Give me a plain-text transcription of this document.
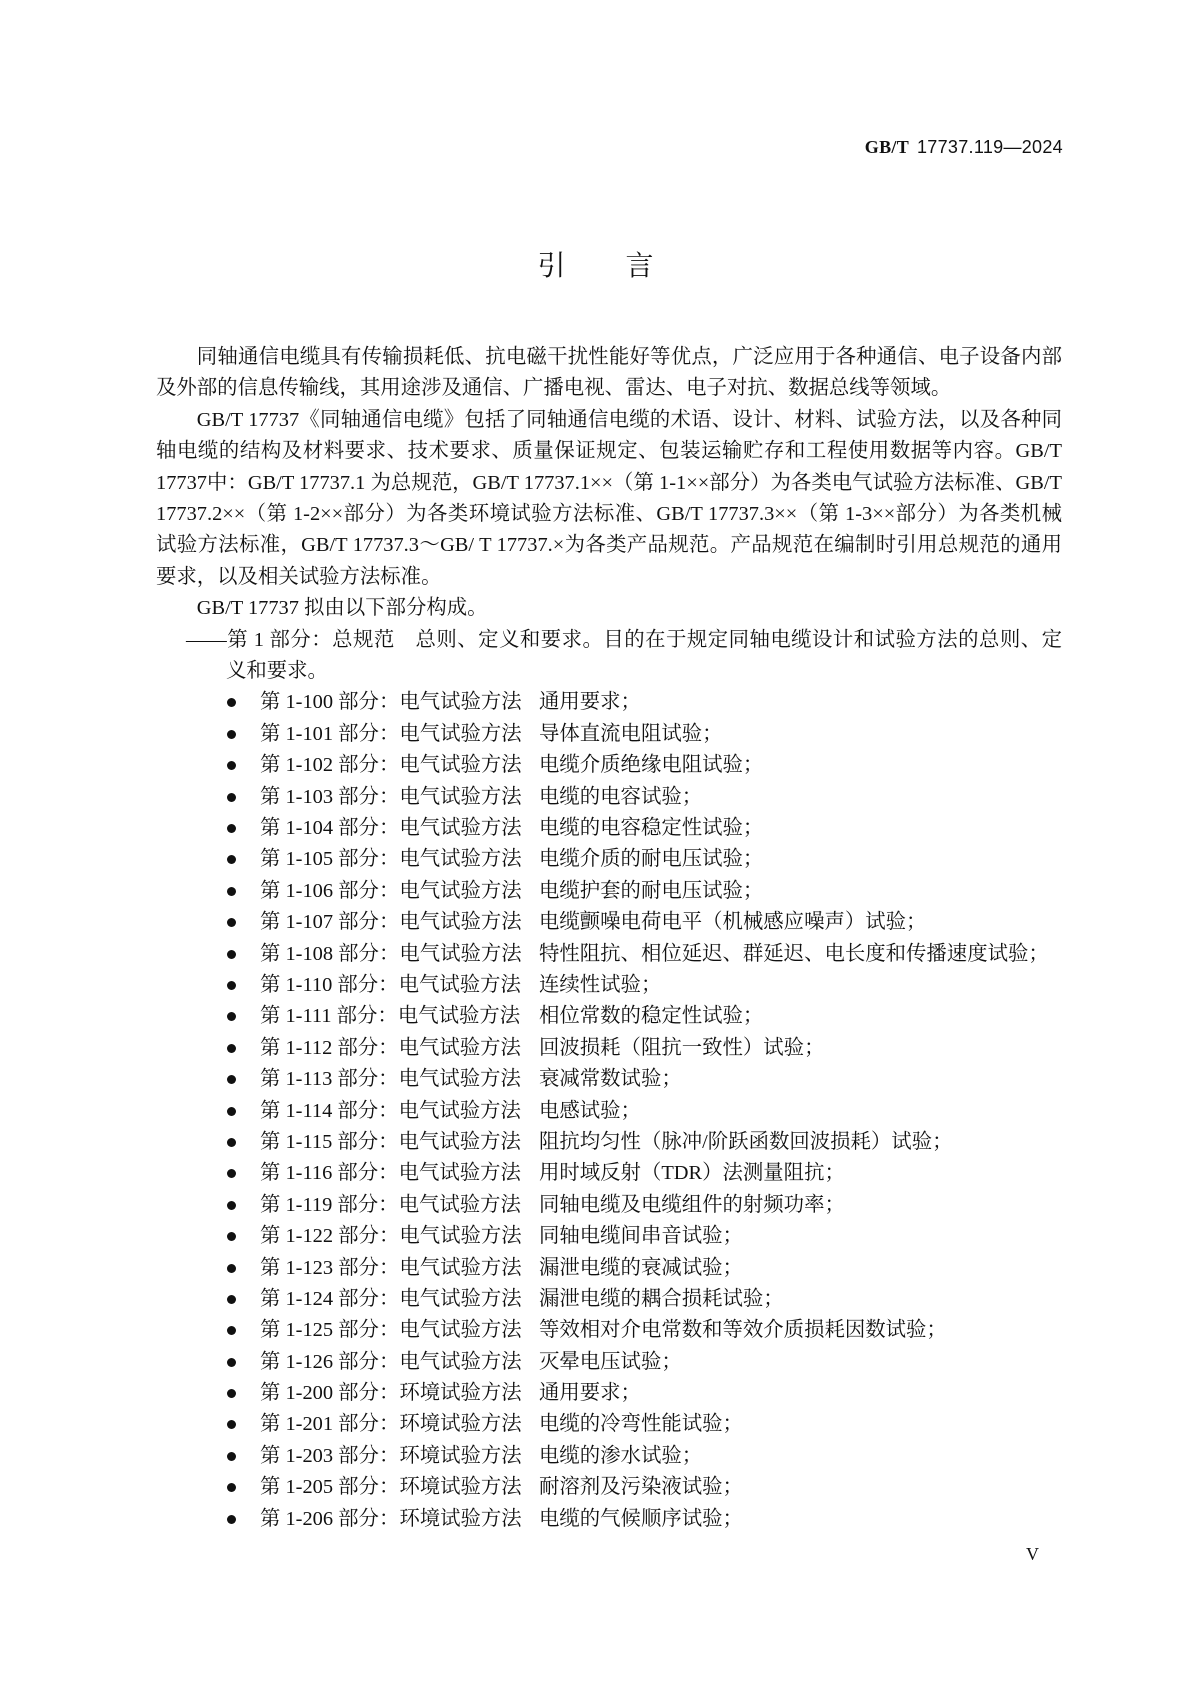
GB/T 17737.119—2024
引言

同轴通信电缆具有传输损耗低、抗电磁干扰性能好等优点，广泛应用于各种通信、电子设备内部及外部的信息传输线，其用途涉及通信、广播电视、雷达、电子对抗、数据总线等领域。

GB/T 17737《同轴通信电缆》包括了同轴通信电缆的术语、设计、材料、试验方法，以及各种同轴电缆的结构及材料要求、技术要求、质量保证规定、包装运输贮存和工程使用数据等内容。GB/T 17737中：GB/T 17737.1 为总规范，GB/T 17737.1××（第 1-1××部分）为各类电气试验方法标准、GB/T 17737.2××（第 1-2××部分）为各类环境试验方法标准、GB/T 17737.3××（第 1-3××部分）为各类机械试验方法标准，GB/T 17737.3～GB/ T 17737.×为各类产品规范。产品规范在编制时引用总规范的通用要求，以及相关试验方法标准。

GB/T 17737 拟由以下部分构成。

——第 1 部分：总规范　总则、定义和要求。目的在于规定同轴电缆设计和试验方法的总则、定义和要求。

第 1-100 部分：电气试验方法 通用要求；
第 1-101 部分：电气试验方法 导体直流电阻试验；
第 1-102 部分：电气试验方法 电缆介质绝缘电阻试验；
第 1-103 部分：电气试验方法 电缆的电容试验；
第 1-104 部分：电气试验方法 电缆的电容稳定性试验；
第 1-105 部分：电气试验方法 电缆介质的耐电压试验；
第 1-106 部分：电气试验方法 电缆护套的耐电压试验；
第 1-107 部分：电气试验方法 电缆颤噪电荷电平（机械感应噪声）试验；
第 1-108 部分：电气试验方法 特性阻抗、相位延迟、群延迟、电长度和传播速度试验；
第 1-110 部分：电气试验方法 连续性试验；
第 1-111 部分：电气试验方法 相位常数的稳定性试验；
第 1-112 部分：电气试验方法 回波损耗（阻抗一致性）试验；
第 1-113 部分：电气试验方法 衰减常数试验；
第 1-114 部分：电气试验方法 电感试验；
第 1-115 部分：电气试验方法 阻抗均匀性（脉冲/阶跃函数回波损耗）试验；
第 1-116 部分：电气试验方法 用时域反射（TDR）法测量阻抗；
第 1-119 部分：电气试验方法 同轴电缆及电缆组件的射频功率；
第 1-122 部分：电气试验方法 同轴电缆间串音试验；
第 1-123 部分：电气试验方法 漏泄电缆的衰减试验；
第 1-124 部分：电气试验方法 漏泄电缆的耦合损耗试验；
第 1-125 部分：电气试验方法 等效相对介电常数和等效介质损耗因数试验；
第 1-126 部分：电气试验方法 灭晕电压试验；
第 1-200 部分：环境试验方法 通用要求；
第 1-201 部分：环境试验方法 电缆的冷弯性能试验；
第 1-203 部分：环境试验方法 电缆的渗水试验；
第 1-205 部分：环境试验方法 耐溶剂及污染液试验；
第 1-206 部分：环境试验方法 电缆的气候顺序试验；
V
